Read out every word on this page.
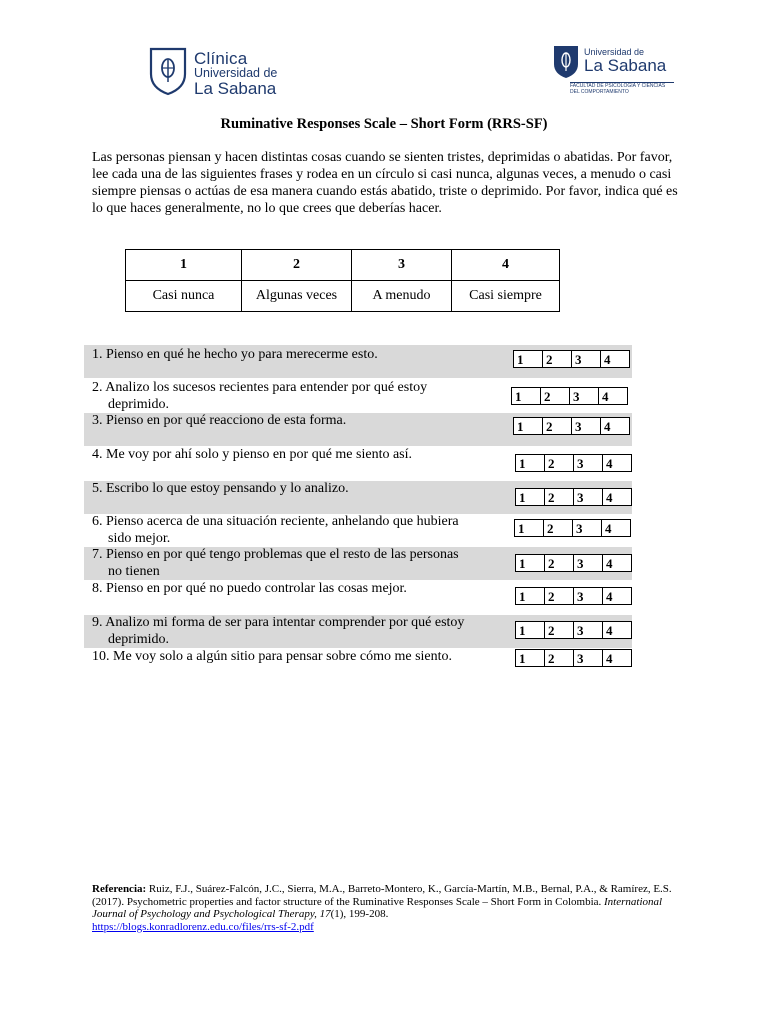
Clínica
Universidad de
La Sabana
Universidad de
La Sabana
FACULTAD DE PSICOLOGÍA Y CIENCIAS DEL COMPORTAMIENTO
Ruminative Responses Scale – Short Form (RRS-SF)
Las personas piensan y hacen distintas cosas cuando se sienten tristes, deprimidas o abatidas. Por favor, lee cada una de las siguientes frases y rodea en un círculo si casi nunca, algunas veces, a menudo o casi siempre piensas o actúas de esa manera cuando estás abatido, triste o deprimido. Por favor, indica qué es lo que haces generalmente, no lo que crees que deberías hacer.
1	2	3	4
Casi nunca	Algunas veces	A menudo	Casi siempre
1. Pienso en qué he hecho yo para merecerme esto.	1	2	3	4
2. Analizo los sucesos recientes para entender por qué estoy
deprimido.
1	2	3	4
3. Pienso en por qué reacciono de esta forma.	1	2	3	4
4. Me voy por ahí solo y pienso en por qué me siento así.
1	2	3	4
5. Escribo lo que estoy pensando y lo analizo.
1	2	3	4
6. Pienso acerca de una situación reciente, anhelando que hubiera
sido mejor.
1	2	3	4
7. Pienso en por qué tengo problemas que el resto de las personas
no tienen
1	2	3	4
8. Pienso en por qué no puedo controlar las cosas mejor.	1	2	3	4
9. Analizo mi forma de ser para intentar comprender por qué estoy
deprimido.
1	2	3	4
10. Me voy solo a algún sitio para pensar sobre cómo me siento.	1	2	3	4
Referencia: Ruiz, F.J., Suárez-Falcón, J.C., Sierra, M.A., Barreto-Montero, K., García-Martín, M.B., Bernal, P.A., & Ramírez, E.S. (2017). Psychometric properties and factor structure of the Ruminative Responses Scale – Short Form in Colombia. International Journal of Psychology and Psychological Therapy, 17(1), 199-208.
https://blogs.konradlorenz.edu.co/files/rrs-sf-2.pdf
